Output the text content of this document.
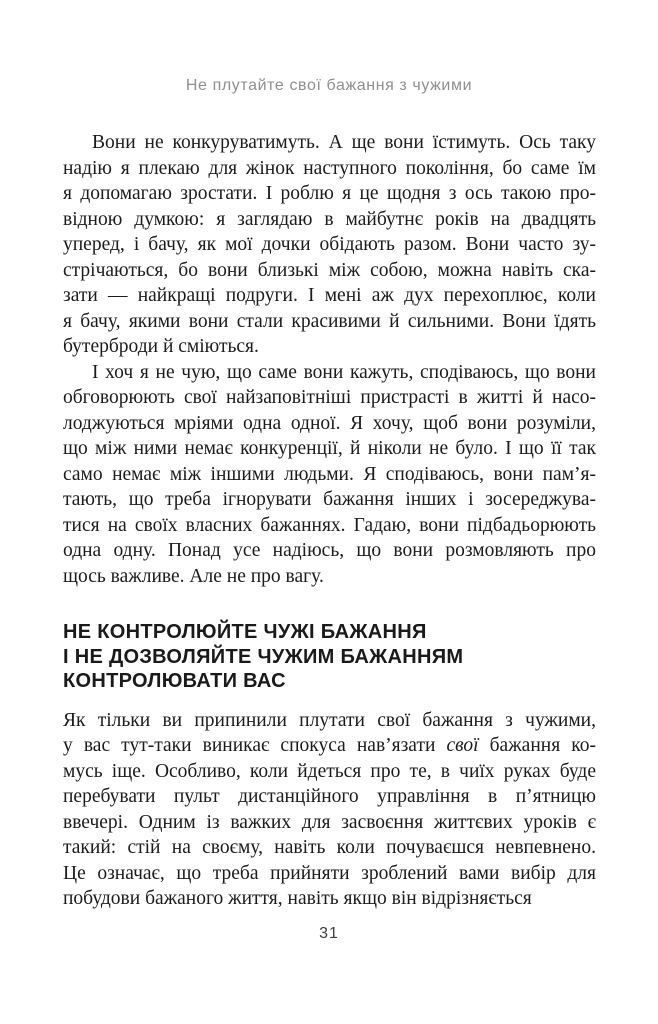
Не плутайте свої бажання з чужими
Вони не конкуруватимуть. А ще вони їстимуть. Ось таку
надію я плекаю для жінок наступного покоління, бо саме їм
я допомагаю зростати. І роблю я це щодня з ось такою про-
відною думкою: я заглядаю в майбутнє років на двадцять
уперед, і бачу, як мої дочки обідають разом. Вони часто зу-
стрічаються, бо вони близькі між собою, можна навіть ска-
зати — найкращі подруги. І мені аж дух перехоплює, коли
я бачу, якими вони стали красивими й сильними. Вони їдять
бутерброди й сміються.
І хоч я не чую, що саме вони кажуть, сподіваюсь, що вони
обговорюють свої найзаповітніші пристрасті в житті й насо-
лоджуються мріями одна одної. Я хочу, щоб вони розуміли,
що між ними немає конкуренції, й ніколи не було. І що її так
само немає між іншими людьми. Я сподіваюсь, вони пам’я-
тають, що треба ігнорувати бажання інших і зосереджува-
тися на своїх власних бажаннях. Гадаю, вони підбадьорюють
одна одну. Понад усе надіюсь, що вони розмовляють про
щось важливе. Але не про вагу.
НЕ КОНТРОЛЮЙТЕ ЧУЖІ БАЖАННЯ
І НЕ ДОЗВОЛЯЙТЕ ЧУЖИМ БАЖАННЯМ
КОНТРОЛЮВАТИ ВАС
Як тільки ви припинили плутати свої бажання з чужими,
у вас тут-таки виникає спокуса нав’язати свої бажання ко-
мусь іще. Особливо, коли йдеться про те, в чиїх руках буде
перебувати пульт дистанційного управління в п’ятницю
ввечері. Одним із важких для засвоєння життєвих уроків є
такий: стій на своєму, навіть коли почуваєшся невпевнено.
Це означає, що треба прийняти зроблений вами вибір для
побудови бажаного життя, навіть якщо він відрізняється
31
